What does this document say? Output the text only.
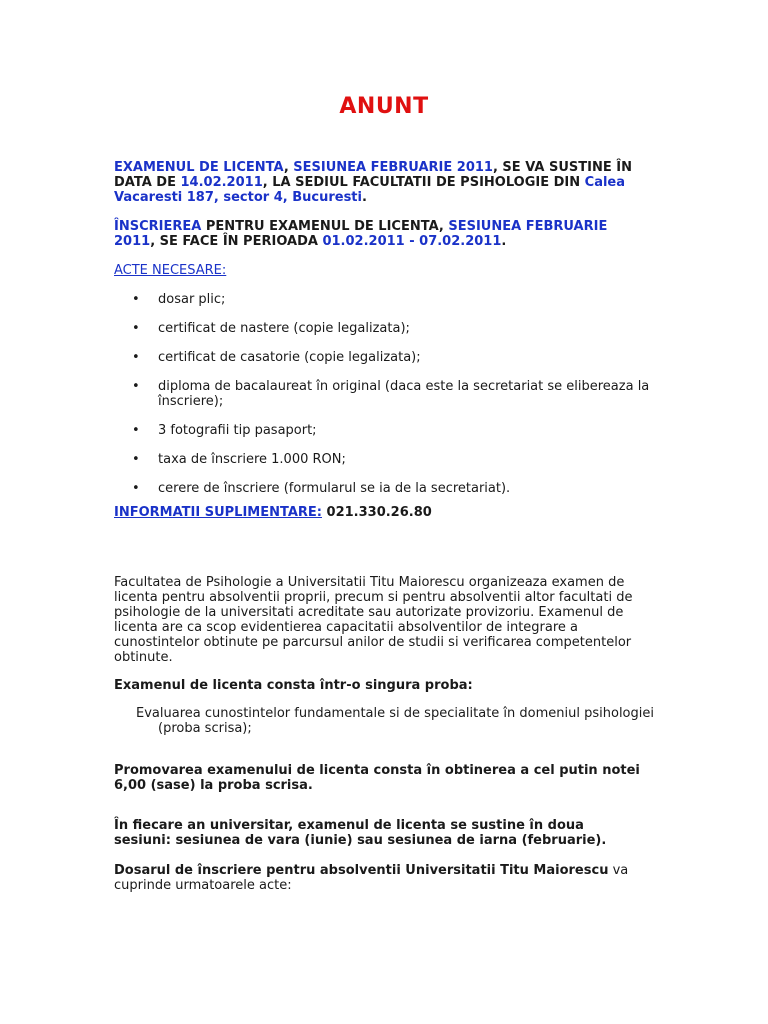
ANUNT
EXAMENUL DE LICENTA, SESIUNEA FEBRUARIE 2011, SE VA SUSTINE ÎN DATA DE 14.02.2011, LA SEDIUL FACULTATII DE PSIHOLOGIE DIN Calea Vacaresti 187, sector 4, Bucuresti.
ÎNSCRIEREA PENTRU EXAMENUL DE LICENTA, SESIUNEA FEBRUARIE 2011, SE FACE ÎN PERIOADA 01.02.2011 - 07.02.2011.
ACTE NECESARE:
• dosar plic;
• certificat de nastere (copie legalizata);
• certificat de casatorie (copie legalizata);
• diploma de bacalaureat în original (daca este la secretariat se elibereaza la înscriere);
• 3 fotografii tip pasaport;
• taxa de înscriere 1.000 RON;
• cerere de înscriere (formularul se ia de la secretariat).
INFORMATII SUPLIMENTARE: 021.330.26.80
Facultatea de Psihologie a Universitatii Titu Maiorescu organizeaza examen de licenta pentru absolventii proprii, precum si pentru absolventii altor facultati de psihologie de la universitati acreditate sau autorizate provizoriu. Examenul de licenta are ca scop evidentierea capacitatii absolventilor de integrare a cunostintelor obtinute pe parcursul anilor de studii si verificarea competentelor obtinute.
Examenul de licenta consta într-o singura proba:
Evaluarea cunostintelor fundamentale si de specialitate în domeniul psihologiei
(proba scrisa);
Promovarea examenului de licenta consta în obtinerea a cel putin notei 6,00 (sase) la proba scrisa.
În fiecare an universitar, examenul de licenta se sustine în doua sesiuni: sesiunea de vara (iunie) sau sesiunea de iarna (februarie).
Dosarul de înscriere pentru absolventii Universitatii Titu Maiorescu va cuprinde urmatoarele acte:
